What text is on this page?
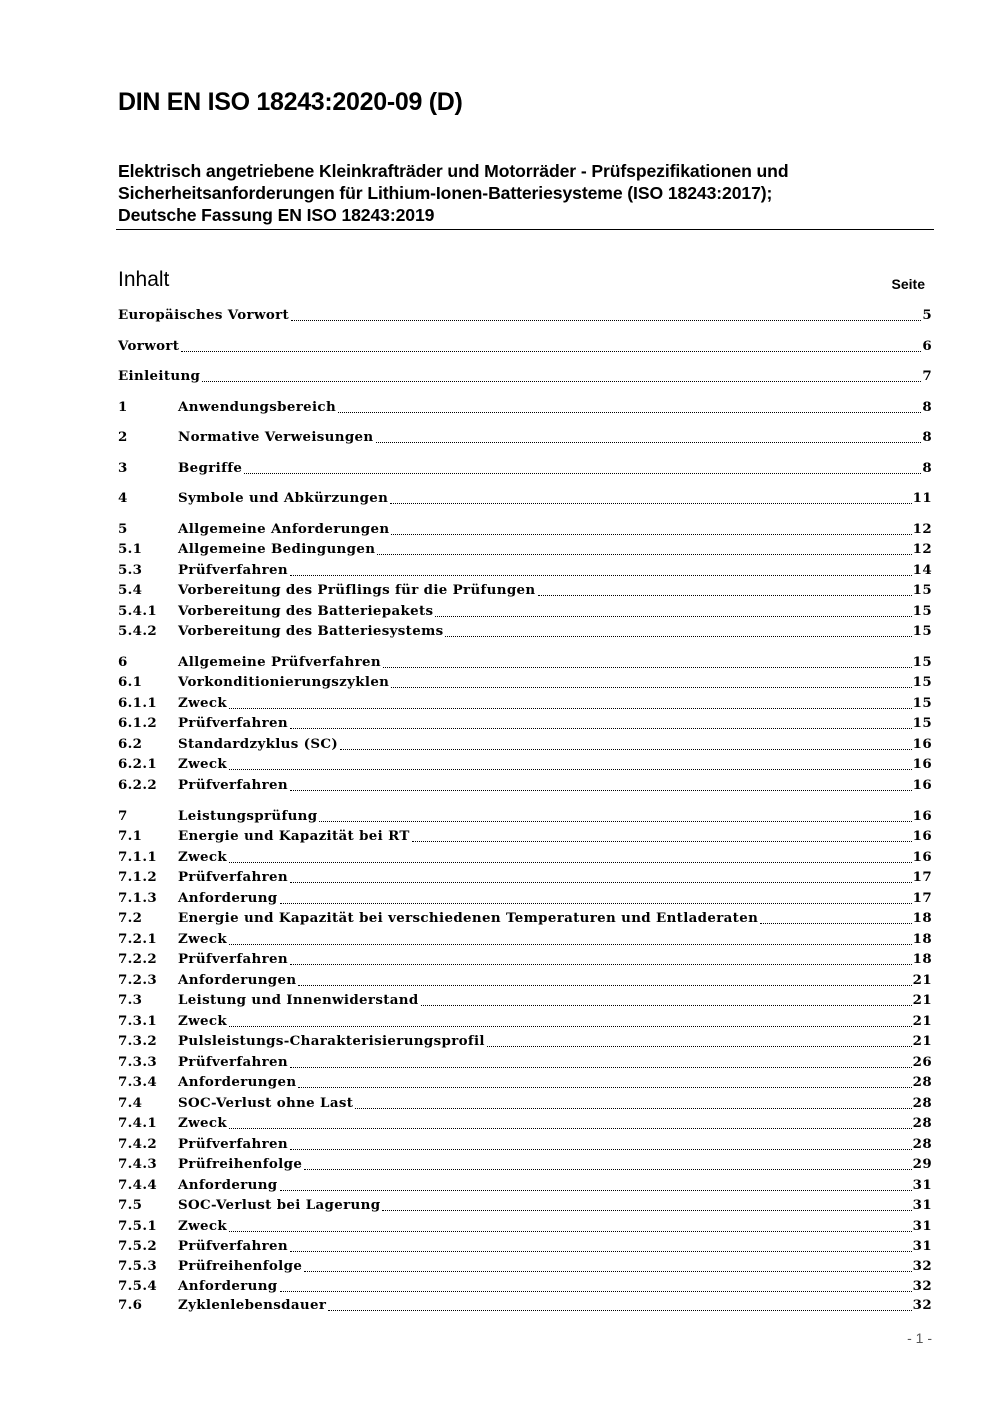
DIN EN ISO 18243:2020-09 (D)
Elektrisch angetriebene Kleinkrafträder und Motorräder - Prüfspezifikationen und
Sicherheitsanforderungen für Lithium-Ionen-Batteriesysteme (ISO 18243:2017);
Deutsche Fassung EN ISO 18243:2019
Inhalt	Seite
Europäisches Vorwort	5
Vorwort	6
Einleitung	7
1	Anwendungsbereich	8
2	Normative Verweisungen	8
3	Begriffe	8
4	Symbole und Abkürzungen	11
5	Allgemeine Anforderungen	12
5.1	Allgemeine Bedingungen	12
5.3	Prüfverfahren	14
5.4	Vorbereitung des Prüflings für die Prüfungen	15
5.4.1	Vorbereitung des Batteriepakets	15
5.4.2	Vorbereitung des Batteriesystems	15
6	Allgemeine Prüfverfahren	15
6.1	Vorkonditionierungszyklen	15
6.1.1	Zweck	15
6.1.2	Prüfverfahren	15
6.2	Standardzyklus (SC)	16
6.2.1	Zweck	16
6.2.2	Prüfverfahren	16
7	Leistungsprüfung	16
7.1	Energie und Kapazität bei RT	16
7.1.1	Zweck	16
7.1.2	Prüfverfahren	17
7.1.3	Anforderung	17
7.2	Energie und Kapazität bei verschiedenen Temperaturen und Entladeraten	18
7.2.1	Zweck	18
7.2.2	Prüfverfahren	18
7.2.3	Anforderungen	21
7.3	Leistung und Innenwiderstand	21
7.3.1	Zweck	21
7.3.2	Pulsleistungs-Charakterisierungsprofil	21
7.3.3	Prüfverfahren	26
7.3.4	Anforderungen	28
7.4	SOC-Verlust ohne Last	28
7.4.1	Zweck	28
7.4.2	Prüfverfahren	28
7.4.3	Prüfreihenfolge	29
7.4.4	Anforderung	31
7.5	SOC-Verlust bei Lagerung	31
7.5.1	Zweck	31
7.5.2	Prüfverfahren	31
7.5.3	Prüfreihenfolge	32
7.5.4	Anforderung	32
7.6	Zyklenlebensdauer	32
- 1 -
